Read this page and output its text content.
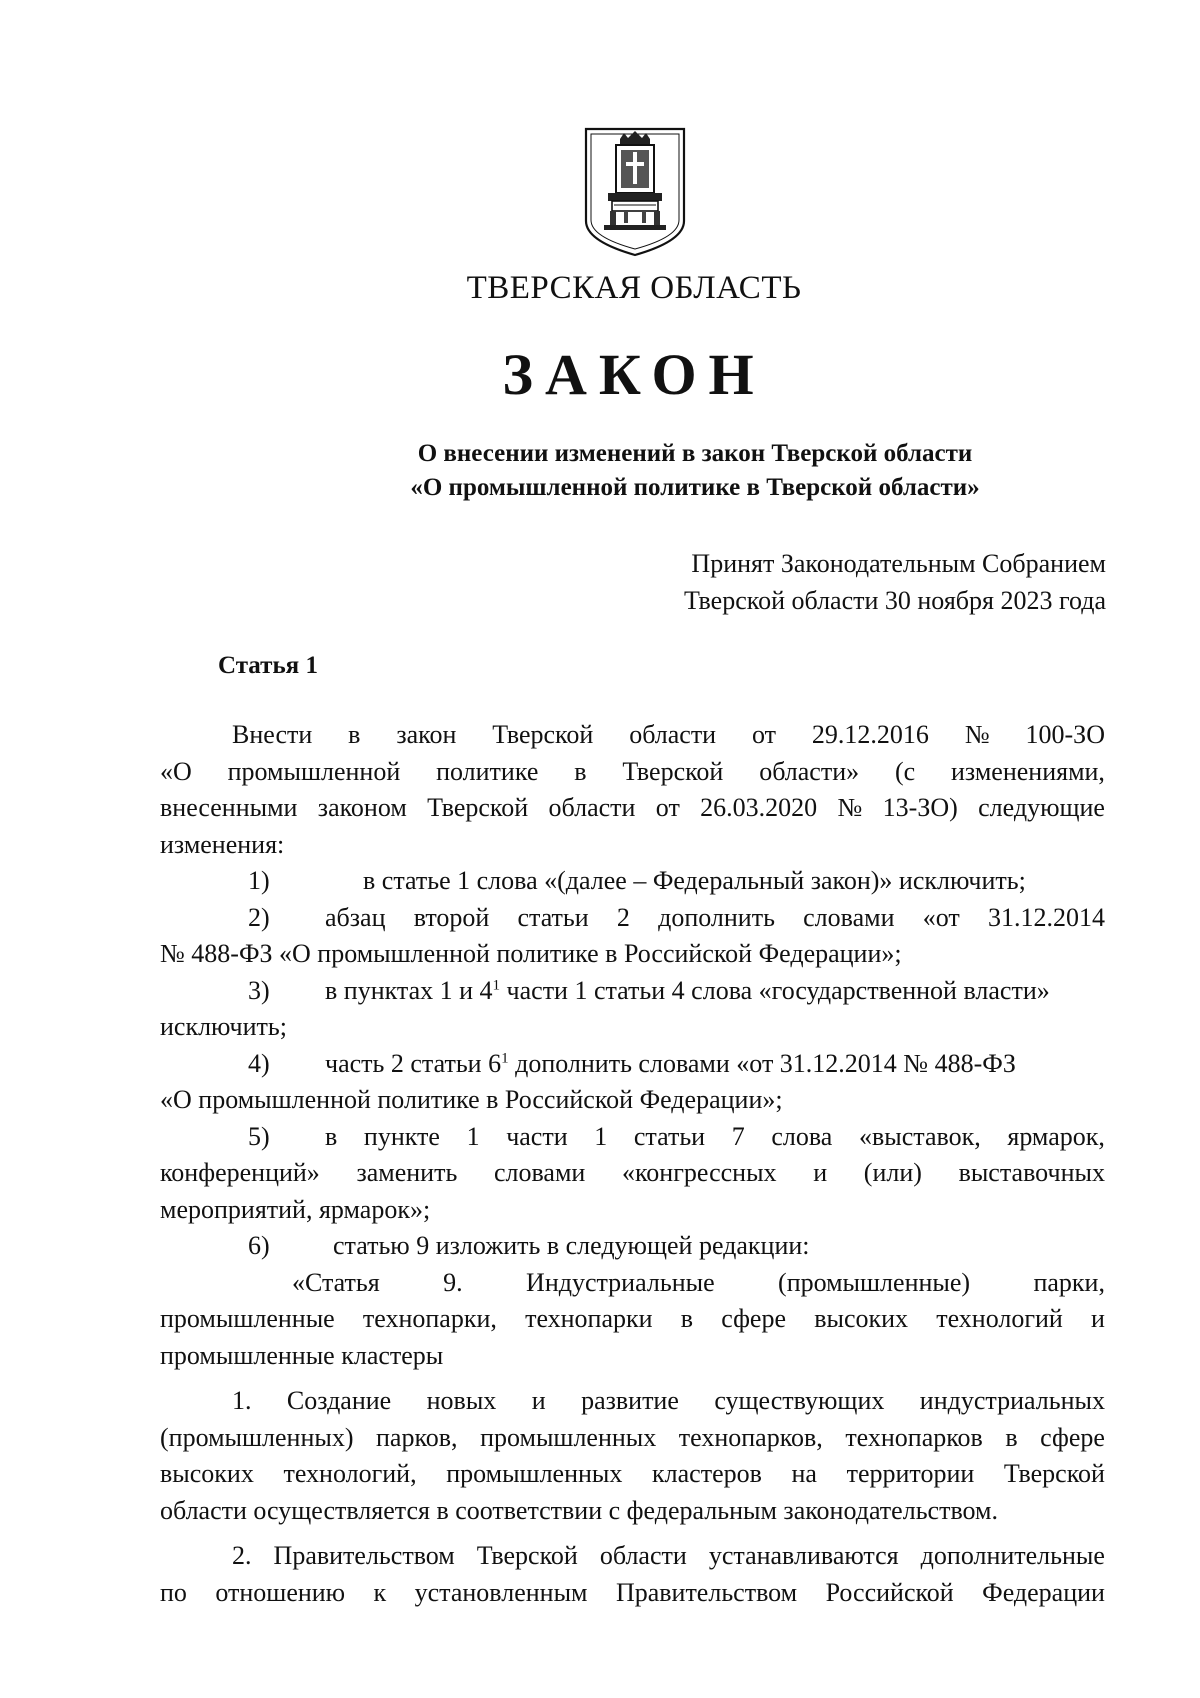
ТВЕРСКАЯ ОБЛАСТЬ
ЗАКОН
О внесении изменений в закон Тверской области
«О промышленной политике в Тверской области»
Принят Законодательным Собранием
Тверской области 30 ноября 2023 года
Статья 1
Внести в закон Тверской области от 29.12.2016 № 100-ЗО
«О промышленной политике в Тверской области» (с изменениями,
внесенными законом Тверской области от 26.03.2020 № 13-ЗО) следующие
изменения:
1)	в статье 1 слова «(далее – Федеральный закон)» исключить;
2)	абзац второй статьи 2 дополнить словами «от 31.12.2014
№ 488-ФЗ «О промышленной политике в Российской Федерации»;
3)	в пунктах 1 и $4^1$ части 1 статьи 4 слова «государственной власти»
исключить;
4)	часть 2 статьи $6^1$ дополнить словами «от 31.12.2014 № 488-ФЗ
«О промышленной политике в Российской Федерации»;
5)	в пункте 1 части 1 статьи 7 слова «выставок, ярмарок,
конференций» заменить словами «конгрессных и (или) выставочных
мероприятий, ярмарок»;
6)	статью 9 изложить в следующей редакции:
«Статья 9. Индустриальные (промышленные) парки,
промышленные технопарки, технопарки в сфере высоких технологий и
промышленные кластеры
1. Создание новых и развитие существующих индустриальных
(промышленных) парков, промышленных технопарков, технопарков в сфере
высоких технологий, промышленных кластеров на территории Тверской
области осуществляется в соответствии с федеральным законодательством.
2. Правительством Тверской области устанавливаются дополнительные
по отношению к установленным Правительством Российской Федерации
